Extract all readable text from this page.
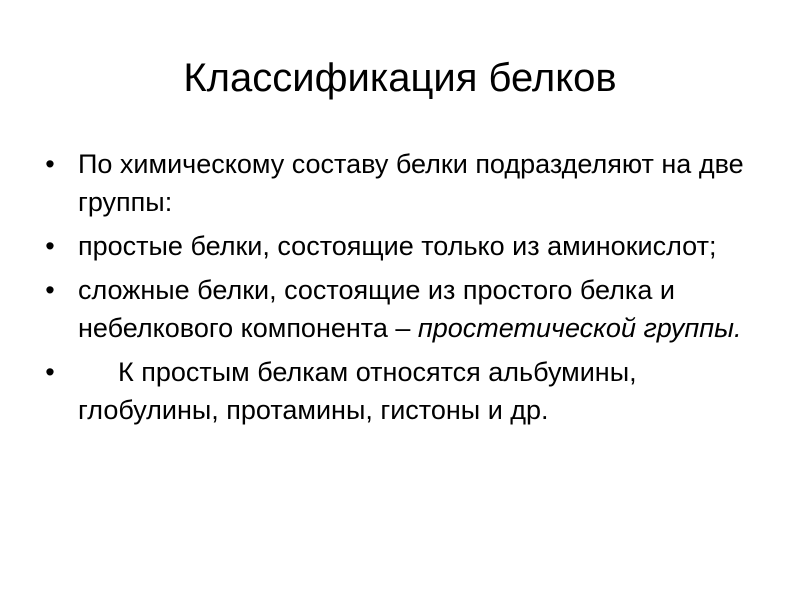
Классификация белков
• По химическому составу белки подразделяют на две группы:
• простые белки, состоящие только из аминокислот;
• сложные белки, состоящие из простого белка и небелкового компонента – простетической группы.
• К простым белкам относятся альбумины, глобулины, протамины, гистоны и др.
